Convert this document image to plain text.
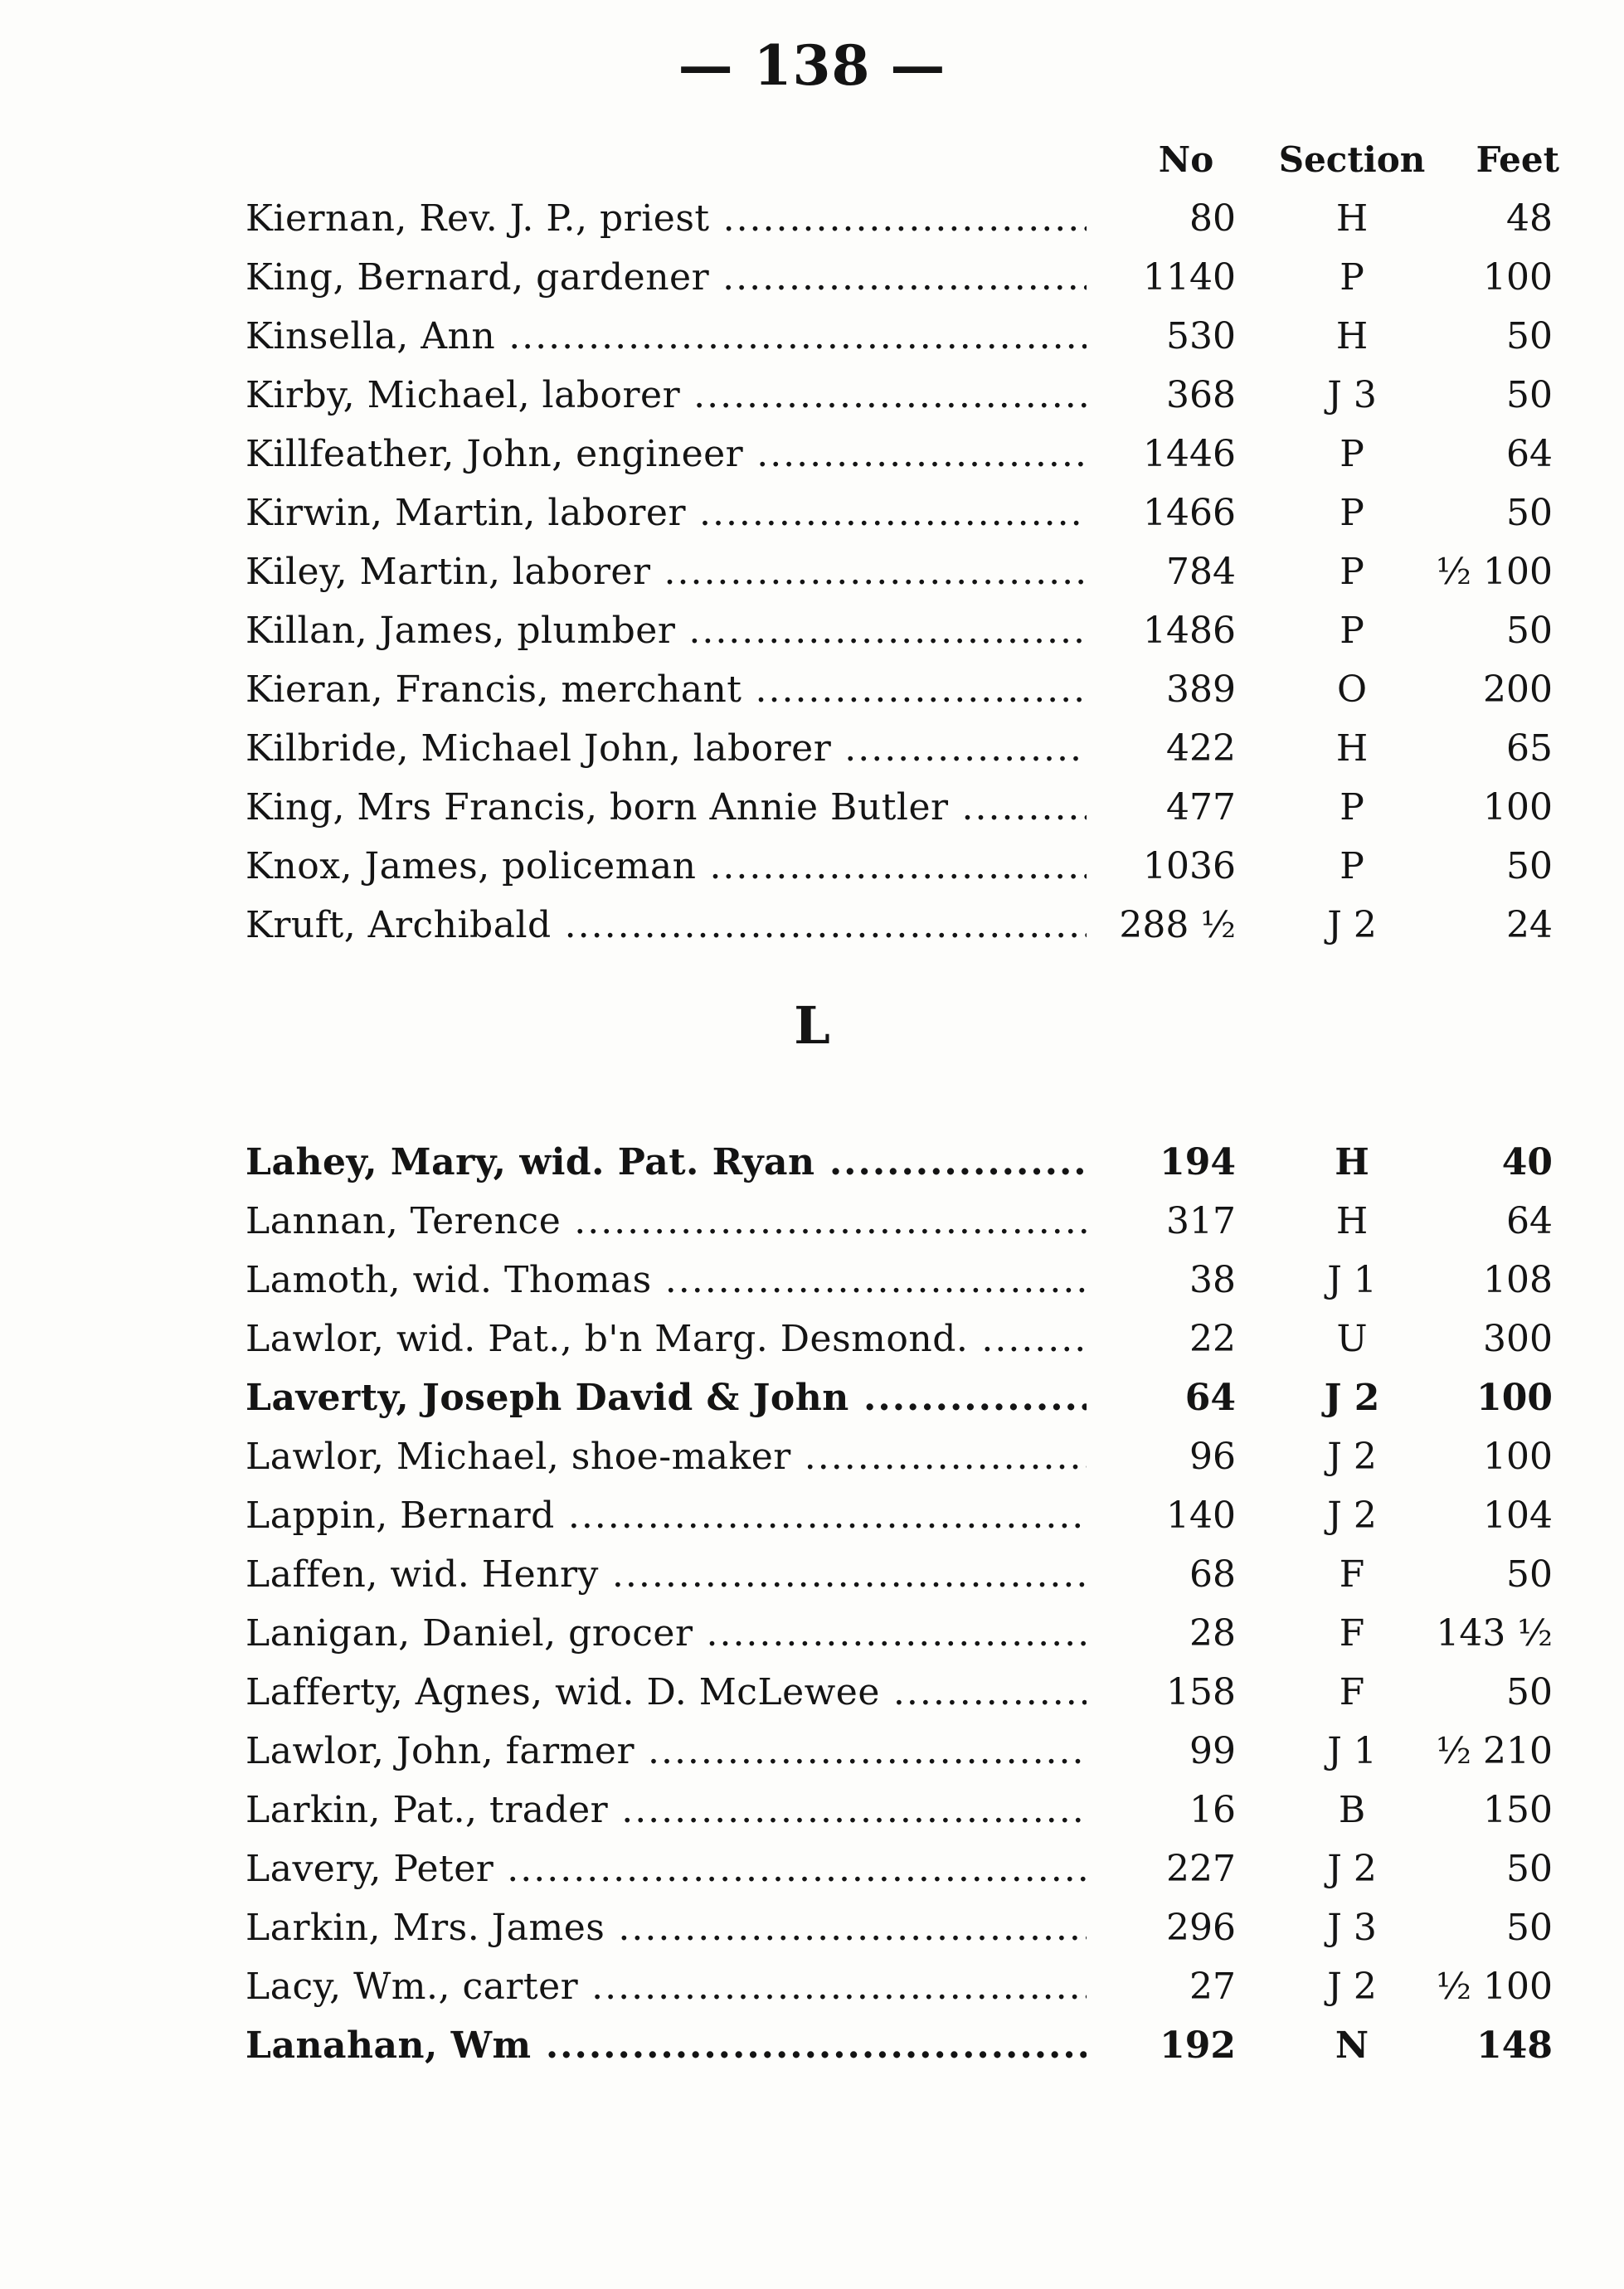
— 138 —
No	Section Feet
Kiernan, Rev. J. P., priest .....	80	H	48
King, Bernard, gardener .....	1140	P	100
Kinsella, Ann .....	530	H	50
Kirby, Michael, laborer .....	368	J 3	50
Killfeather, John, engineer .....	1446	P	64
Kirwin, Martin, laborer .....	1466	P	50
Kiley, Martin, laborer .....	784	P	½ 100
Killan, James, plumber .....	1486	P	50
Kieran, Francis, merchant .....	389	O	200
Kilbride, Michael John, laborer .....	422	H	65
King, Mrs Francis, born Annie Butler .....	477	P	100
Knox, James, policeman .....	1036	P	50
Kruft, Archibald .....	288 ½	J 2	24
L
Lahey, Mary, wid. Pat. Ryan .....	194	H	40
Lannan, Terence .....	317	H	64
Lamoth, wid. Thomas .....	38	J 1	108
Lawlor, wid. Pat., b'n Marg. Desmond. .....	22	U	300
Laverty, Joseph David & John .....	64	J 2	100
Lawlor, Michael, shoe-maker .....	96	J 2	100
Lappin, Bernard .....	140	J 2	104
Laffen, wid. Henry .....	68	F	50
Lanigan, Daniel, grocer .....	28	F	143 ½
Lafferty, Agnes, wid. D. McLewee .....	158	F	50
Lawlor, John, farmer .....	99	J 1	½ 210
Larkin, Pat., trader .....	16	B	150
Lavery, Peter .....	227	J 2	50
Larkin, Mrs. James .....	296	J 3	50
Lacy, Wm., carter .....	27	J 2	½ 100
Lanahan, Wm .....	192	N	148
